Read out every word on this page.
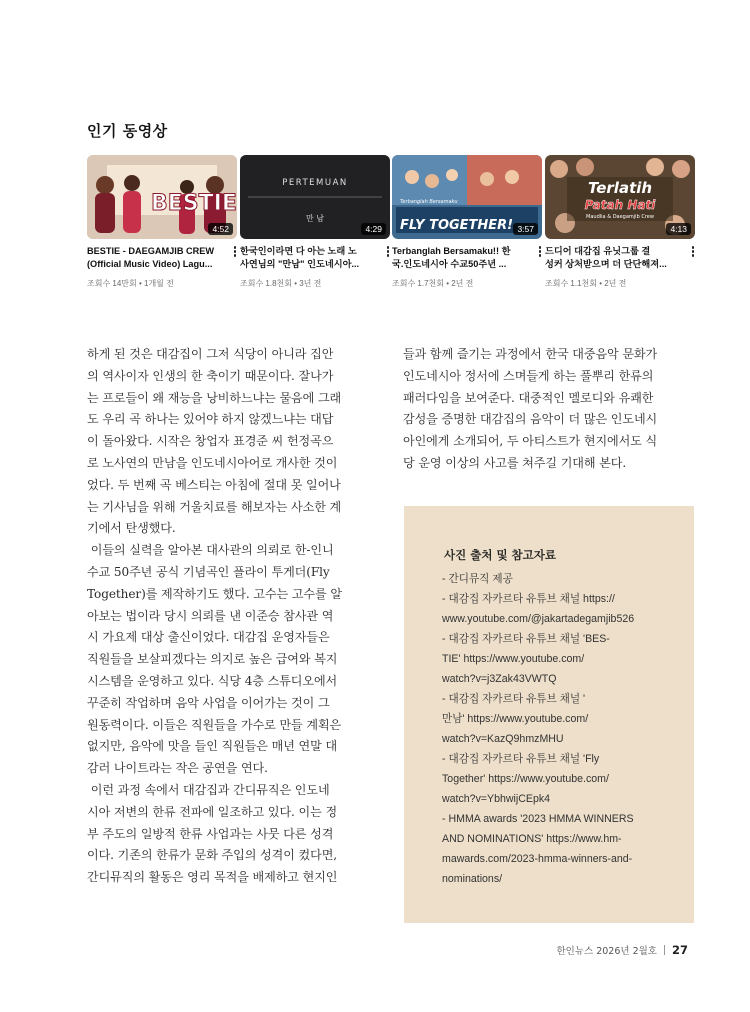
인기 동영상
BESTIE
4:52
BESTIE - DAEGAMJIB CREW
(Official Music Video) Lagu...
조회수 14만회 • 1개월 전
PERTEMUAN
만 남
4:29
한국인이라면 다 아는 노래 노
사연님의 "만남" 인도네시아...
조회수 1.8천회 • 3년 전
Terbanglah Bersamaku
FLY TOGETHER! 3:57
Terbanglah Bersamaku!! 한
국.인도네시아 수교50주년 ...
조회수 1.7천회 • 2년 전
Terlatih
Patah Hati
Maudlia & Daegamjib Crew
4:13
드디어 대감집 유닛그룹 결
성커 상처받으며 더 단단해져...
조회수 1.1천회 • 2년 전

하게 된 것은 대감집이 그저 식당이 아니라 집안

의 역사이자 인생의 한 축이기 때문이다. 잘나가

는 프로들이 왜 재능을 낭비하느냐는 물음에 그래

도 우리 곡 하나는 있어야 하지 않겠느냐는 대답

이 돌아왔다. 시작은 창업자 표경준 씨 헌정곡으

로 노사연의 만남을 인도네시아어로 개사한 것이

었다. 두 번째 곡 베스티는 아침에 절대 못 일어나

는 기사님을 위해 거울치료를 해보자는 사소한 계

기에서 탄생했다.

이들의 실력을 알아본 대사관의 의뢰로 한-인니

수교 50주년 공식 기념곡인 플라이 투게더(Fly

Together)를 제작하기도 했다. 고수는 고수를 알

아보는 법이라 당시 의뢰를 낸 이준승 참사관 역

시 가요제 대상 출신이었다. 대감집 운영자들은

직원들을 보살피겠다는 의지로 높은 급여와 복지

시스템을 운영하고 있다. 식당 4층 스튜디오에서

꾸준히 작업하며 음악 사업을 이어가는 것이 그

원동력이다. 이들은 직원들을 가수로 만들 계획은

없지만, 음악에 맛을 들인 직원들은 매년 연말 대

감러 나이트라는 작은 공연을 연다.

이런 과정 속에서 대감집과 간디뮤직은 인도네

시아 저변의 한류 전파에 일조하고 있다. 이는 정

부 주도의 일방적 한류 사업과는 사뭇 다른 성격

이다. 기존의 한류가 문화 주입의 성격이 컸다면,

간디뮤직의 활동은 영리 목적을 배제하고 현지인

들과 함께 즐기는 과정에서 한국 대중음악 문화가

인도네시아 정서에 스며들게 하는 풀뿌리 한류의

패러다임을 보여준다. 대중적인 멜로디와 유쾌한

감성을 증명한 대감집의 음악이 더 많은 인도네시

아인에게 소개되어, 두 아티스트가 현지에서도 식

당 운영 이상의 사고를 쳐주길 기대해 본다.

사진 출처 및 참고자료
- 간디뮤직 제공
- 대감집 자카르타 유튜브 채널 https://
www.youtube.com/@jakartadegamjib526
- 대감집 자카르타 유튜브 채널 'BES-
TIE' https://www.youtube.com/
watch?v=j3Zak43VWTQ
- 대감집 자카르타 유튜브 채널 '
만남' https://www.youtube.com/
watch?v=KazQ9hmzMHU
- 대감집 자카르타 유튜브 채널 'Fly
Together' https://www.youtube.com/
watch?v=YbhwijCEpk4
- HMMA awards '2023 HMMA WINNERS
AND NOMINATIONS' https://www.hm-
mawards.com/2023-hmma-winners-and-
nominations/
한인뉴스 2026년 2월호 27
